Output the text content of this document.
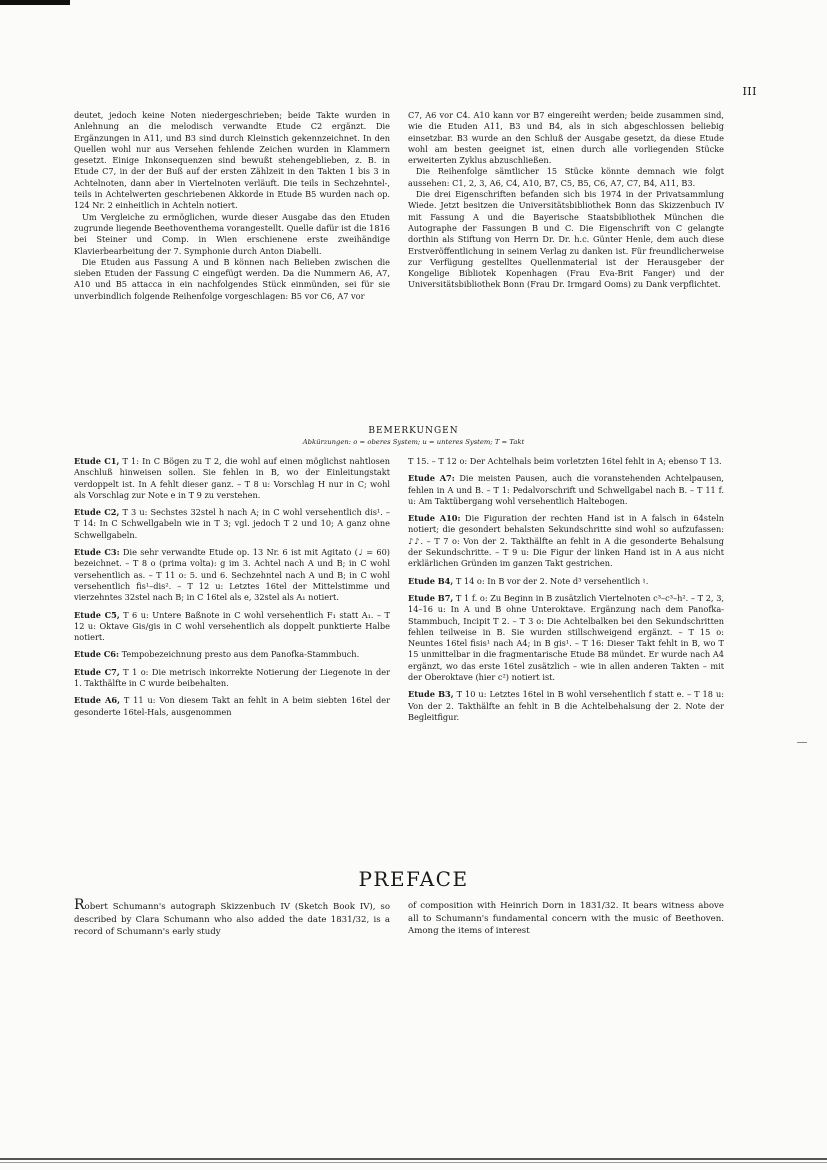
III

deutet, jedoch keine Noten niedergeschrieben; beide Takte wurden in Anlehnung an die melodisch verwandte Etude C2 ergänzt. Die Ergänzungen in A11, und B3 sind durch Kleinstich gekennzeichnet. In den Quellen wohl nur aus Versehen fehlende Zeichen wurden in Klammern gesetzt. Einige Inkonsequenzen sind bewußt stehengeblieben, z. B. in Etude C7, in der der Buß auf der ersten Zählzeit in den Takten 1 bis 3 in Achtelnoten, dann aber in Viertelnoten verläuft. Die teils in Sechzehntel-, teils in Achtelwerten geschriebenen Akkorde in Etude B5 wurden nach op. 124 Nr. 2 einheitlich in Achteln notiert.

Um Vergleiche zu ermöglichen, wurde dieser Ausgabe das den Etuden zugrunde liegende Beethoventhema vorangestellt. Quelle dafür ist die 1816 bei Steiner und Comp. in Wien erschienene erste zweihändige Klavierbearbeitung der 7. Symphonie durch Anton Diabelli.

Die Etuden aus Fassung A und B können nach Belieben zwischen die sieben Etuden der Fassung C eingefügt werden. Da die Nummern A6, A7, A10 und B5 attacca in ein nachfolgendes Stück einmünden, sei für sie unverbindlich folgende Reihenfolge vorgeschlagen: B5 vor C6, A7 vor

C7, A6 vor C4. A10 kann vor B7 eingereiht werden; beide zusammen sind, wie die Etuden A11, B3 und B4, als in sich abgeschlossen beliebig einsetzbar. B3 wurde an den Schluß der Ausgabe gesetzt, da diese Etude wohl am besten geeignet ist, einen durch alle vorliegenden Stücke erweiterten Zyklus abzuschließen.

Die Reihenfolge sämtlicher 15 Stücke könnte demnach wie folgt aussehen: C1, 2, 3, A6, C4, A10, B7, C5, B5, C6, A7, C7, B4, A11, B3.

Die drei Eigenschriften befanden sich bis 1974 in der Privatsammlung Wiede. Jetzt besitzen die Universitätsbibliothek Bonn das Skizzenbuch IV mit Fassung A und die Bayerische Staatsbibliothek München die Autographe der Fassungen B und C. Die Eigenschrift von C gelangte dorthin als Stiftung von Herrn Dr. Dr. h.c. Günter Henle, dem auch diese Erstveröffentlichung in seinem Verlag zu danken ist. Für freundlicherweise zur Verfügung gestelltes Quellenmaterial ist der Herausgeber der Kongelige Bibliotek Kopenhagen (Frau Eva-Brit Fanger) und der Universitätsbibliothek Bonn (Frau Dr. Irmgard Ooms) zu Dank verpflichtet.

BEMERKUNGEN
Abkürzungen: o = oberes System; u = unteres System; T = Takt

Etude C1, T 1: In C Bögen zu T 2, die wohl auf einen möglichst nahtlosen Anschluß hinweisen sollen. Sie fehlen in B, wo der Einleitungstakt verdoppelt ist. In A fehlt dieser ganz. – T 8 u: Vorschlag H nur in C; wohl als Vorschlag zur Note e in T 9 zu verstehen.

Etude C2, T 3 u: Sechstes 32stel h nach A; in C wohl versehentlich dis¹. – T 14: In C Schwellgabeln wie in T 3; vgl. jedoch T 2 und 10; A ganz ohne Schwellgabeln.

Etude C3: Die sehr verwandte Etude op. 13 Nr. 6 ist mit Agitato (♩ = 60) bezeichnet. – T 8 o (prima volta): g im 3. Achtel nach A und B; in C wohl versehentlich as. – T 11 o: 5. und 6. Sechzehntel nach A und B; in C wohl versehentlich fis¹–dis². – T 12 u: Letztes 16tel der Mittelstimme und vierzehntes 32stel nach B; in C 16tel als e, 32stel als A₁ notiert.

Etude C5, T 6 u: Untere Baßnote in C wohl versehentlich F₁ statt A₁. – T 12 u: Oktave Gis/gis in C wohl versehentlich als doppelt punktierte Halbe notiert.

Etude C6: Tempobezeichnung presto aus dem Panofka-Stammbuch.

Etude C7, T 1 o: Die metrisch inkorrekte Notierung der Liegenote in der 1. Takthälfte in C wurde beibehalten.

Etude A6, T 11 u: Von diesem Takt an fehlt in A beim siebten 16tel der gesonderte 16tel-Hals, ausgenommen

T 15. – T 12 o: Der Achtelhals beim vorletzten 16tel fehlt in A; ebenso T 13.

Etude A7: Die meisten Pausen, auch die voranstehenden Achtelpausen, fehlen in A und B. – T 1: Pedalvorschrift und Schwellgabel nach B. – T 11 f. u: Am Taktübergang wohl versehentlich Haltebogen.

Etude A10: Die Figuration der rechten Hand ist in A falsch in 64steln notiert; die gesondert behalsten Sekundschritte sind wohl so aufzufassen: ♪♪. – T 7 o: Von der 2. Takthälfte an fehlt in A die gesonderte Behalsung der Sekundschritte. – T 9 u: Die Figur der linken Hand ist in A aus nicht erklärlichen Gründen im ganzen Takt gestrichen.

Etude B4, T 14 o: In B vor der 2. Note d³ versehentlich ♮.

Etude B7, T 1 f. o: Zu Beginn in B zusätzlich Viertelnoten c³–c³–h². – T 2, 3, 14–16 u: In A und B ohne Unteroktave. Ergänzung nach dem Panofka-Stammbuch, Incipit T 2. – T 3 o: Die Achtelbalken bei den Sekundschritten fehlen teilweise in B. Sie wurden stillschweigend ergänzt. – T 15 o: Neuntes 16tel fisis¹ nach A4; in B gis¹. – T 16: Dieser Takt fehlt in B, wo T 15 unmittelbar in die fragmentarische Etude B8 mündet. Er wurde nach A4 ergänzt, wo das erste 16tel zusätzlich – wie in allen anderen Takten – mit der Oberoktave (hier c²) notiert ist.

Etude B3, T 10 u: Letztes 16tel in B wohl versehentlich f statt e. – T 18 u: Von der 2. Takthälfte an fehlt in B die Achtelbehalsung der 2. Note der Begleitfigur.

PREFACE

Robert Schumann's autograph Skizzenbuch IV (Sketch Book IV), so described by Clara Schumann who also added the date 1831/32, is a record of Schumann's early study

of composition with Heinrich Dorn in 1831/32. It bears witness above all to Schumann's fundamental concern with the music of Beethoven. Among the items of interest
